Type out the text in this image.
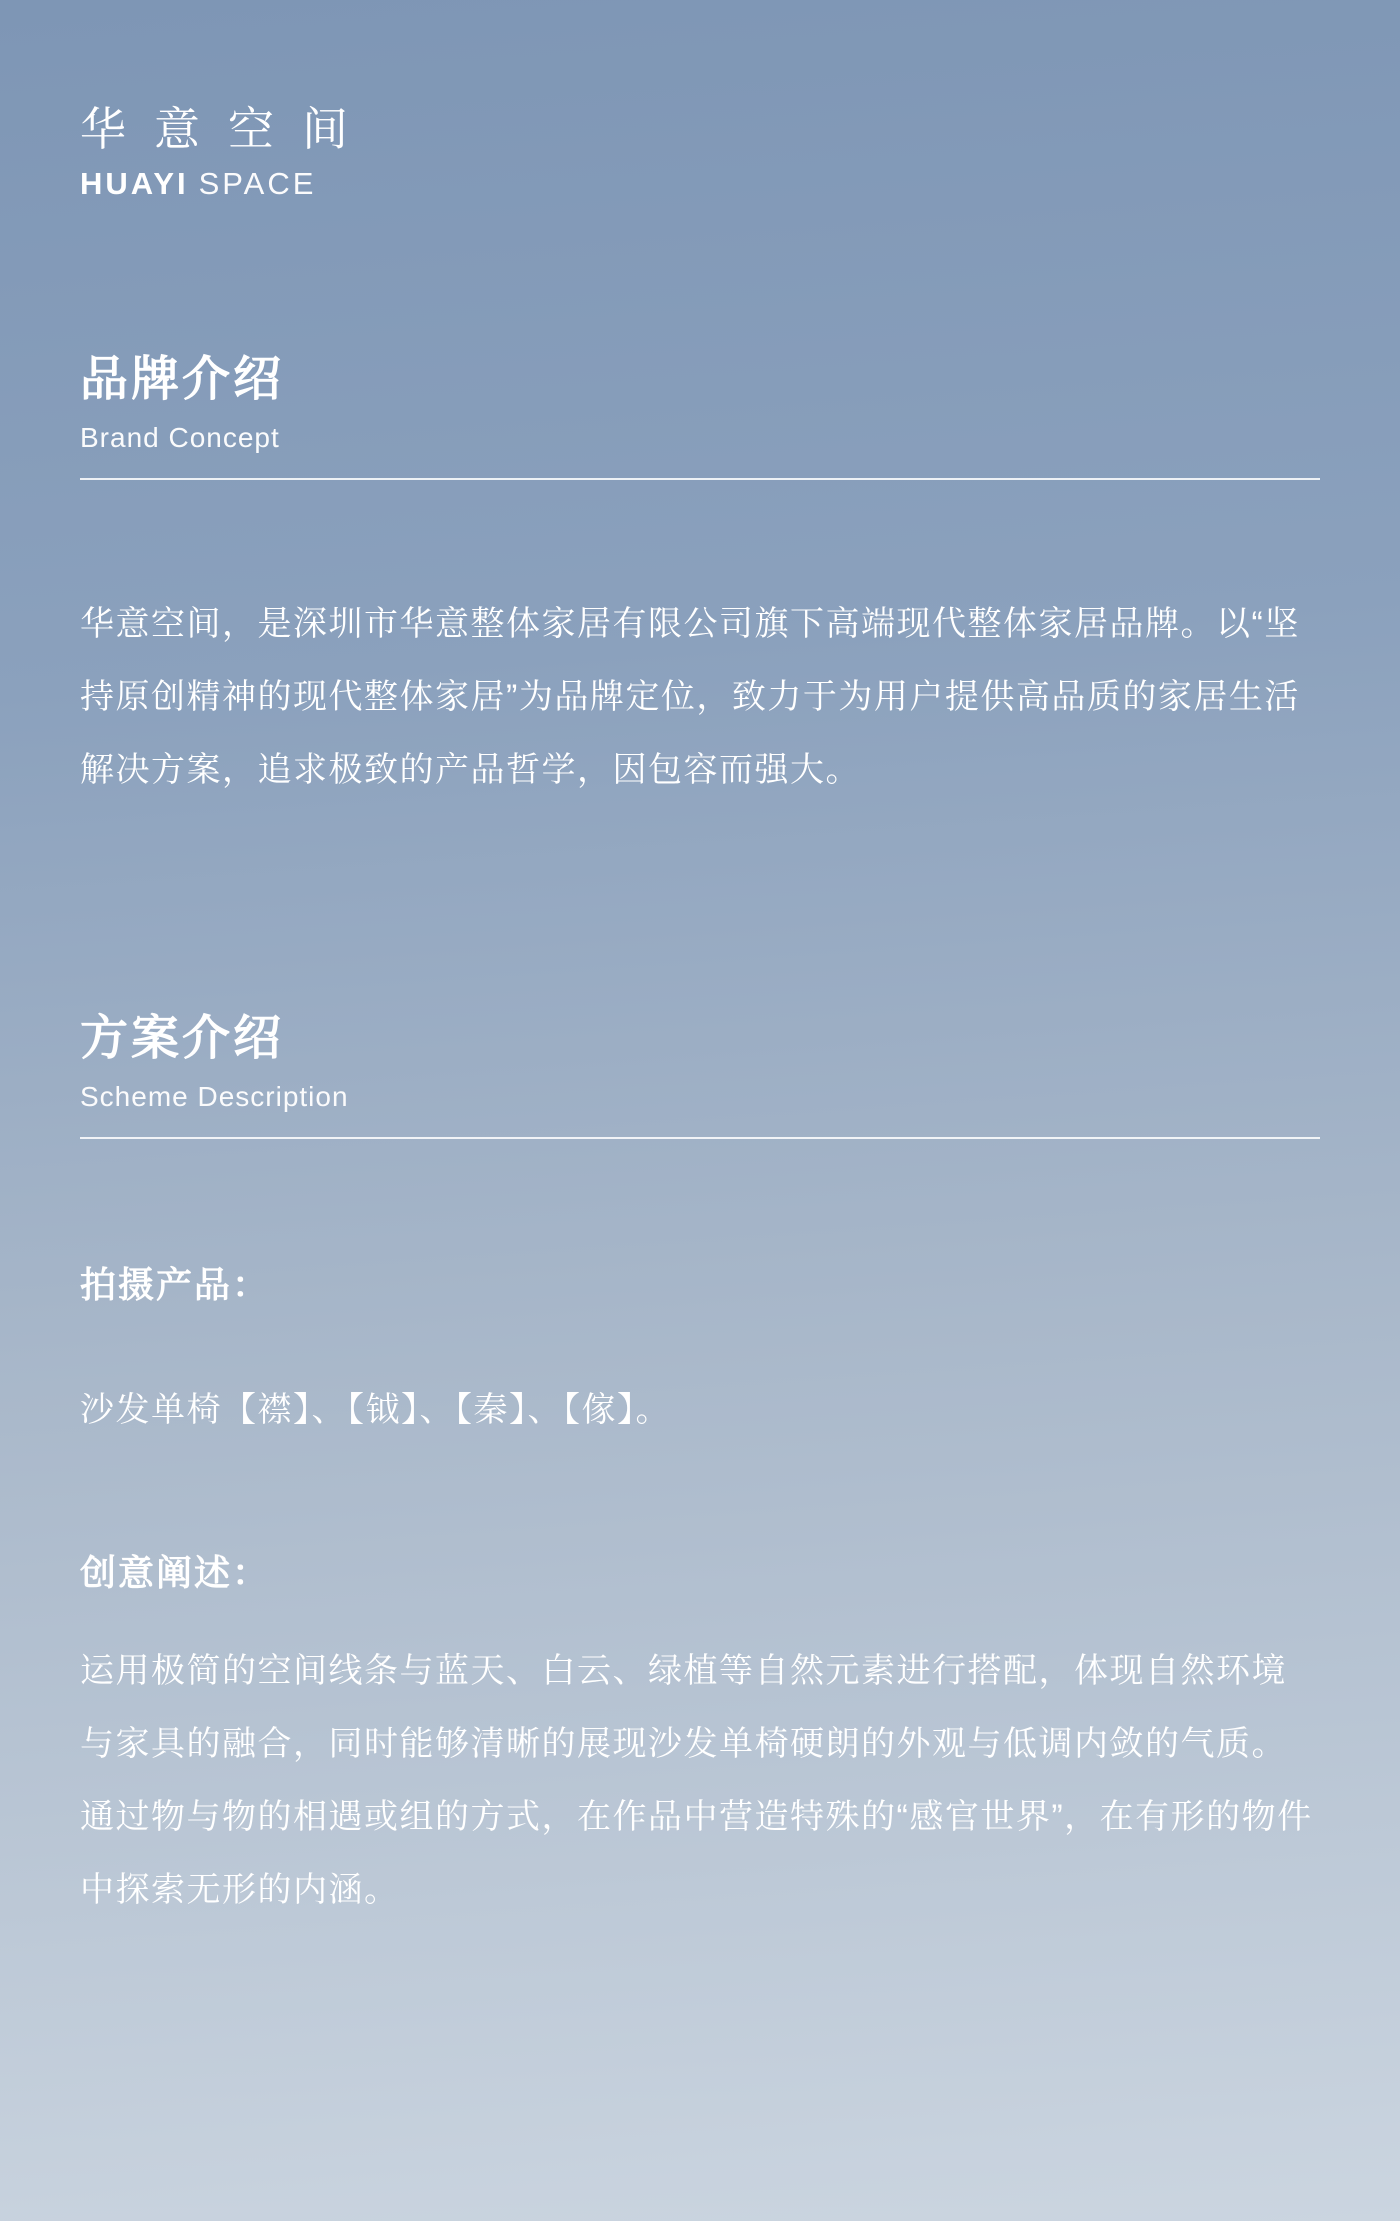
华意空间
HUAYI SPACE
品牌介绍
Brand Concept

华意空间，是深圳市华意整体家居有限公司旗下高端现代整体家居品牌。以“坚持原创精神的现代整体家居”为品牌定位，致力于为用户提供高品质的家居生活解决方案，追求极致的产品哲学，因包容而强大。

方案介绍
Scheme Description
拍摄产品：
沙发单椅【襟】、【钺】、【秦】、【傢】。
创意阐述：

运用极简的空间线条与蓝天、白云、绿植等自然元素进行搭配，体现自然环境与家具的融合，同时能够清晰的展现沙发单椅硬朗的外观与低调内敛的气质。

通过物与物的相遇或组的方式，在作品中营造特殊的“感官世界”，在有形的物件中探索无形的内涵。
